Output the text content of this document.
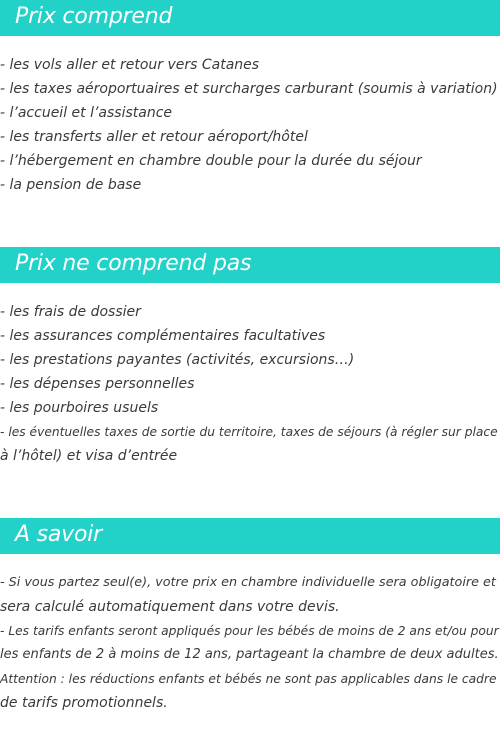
Prix comprend
- les vols aller et retour vers Catanes
- les taxes aéroportuaires et surcharges carburant (soumis à variation)
- l’accueil et l’assistance
- les transferts aller et retour aéroport/hôtel
- l’hébergement en chambre double pour la durée du séjour
- la pension de base
Prix ne comprend pas
- les frais de dossier
- les assurances complémentaires facultatives
- les prestations payantes (activités, excursions…)
- les dépenses personnelles
- les pourboires usuels
- les éventuelles taxes de sortie du territoire, taxes de séjours (à régler sur place
à l’hôtel) et visa d’entrée
A savoir
- Si vous partez seul(e), votre prix en chambre individuelle sera obligatoire et
sera calculé automatiquement dans votre devis.
- Les tarifs enfants seront appliqués pour les bébés de moins de 2 ans et/ou pour
les enfants de 2 à moins de 12 ans, partageant la chambre de deux adultes.
Attention : les réductions enfants et bébés ne sont pas applicables dans le cadre
de tarifs promotionnels.
